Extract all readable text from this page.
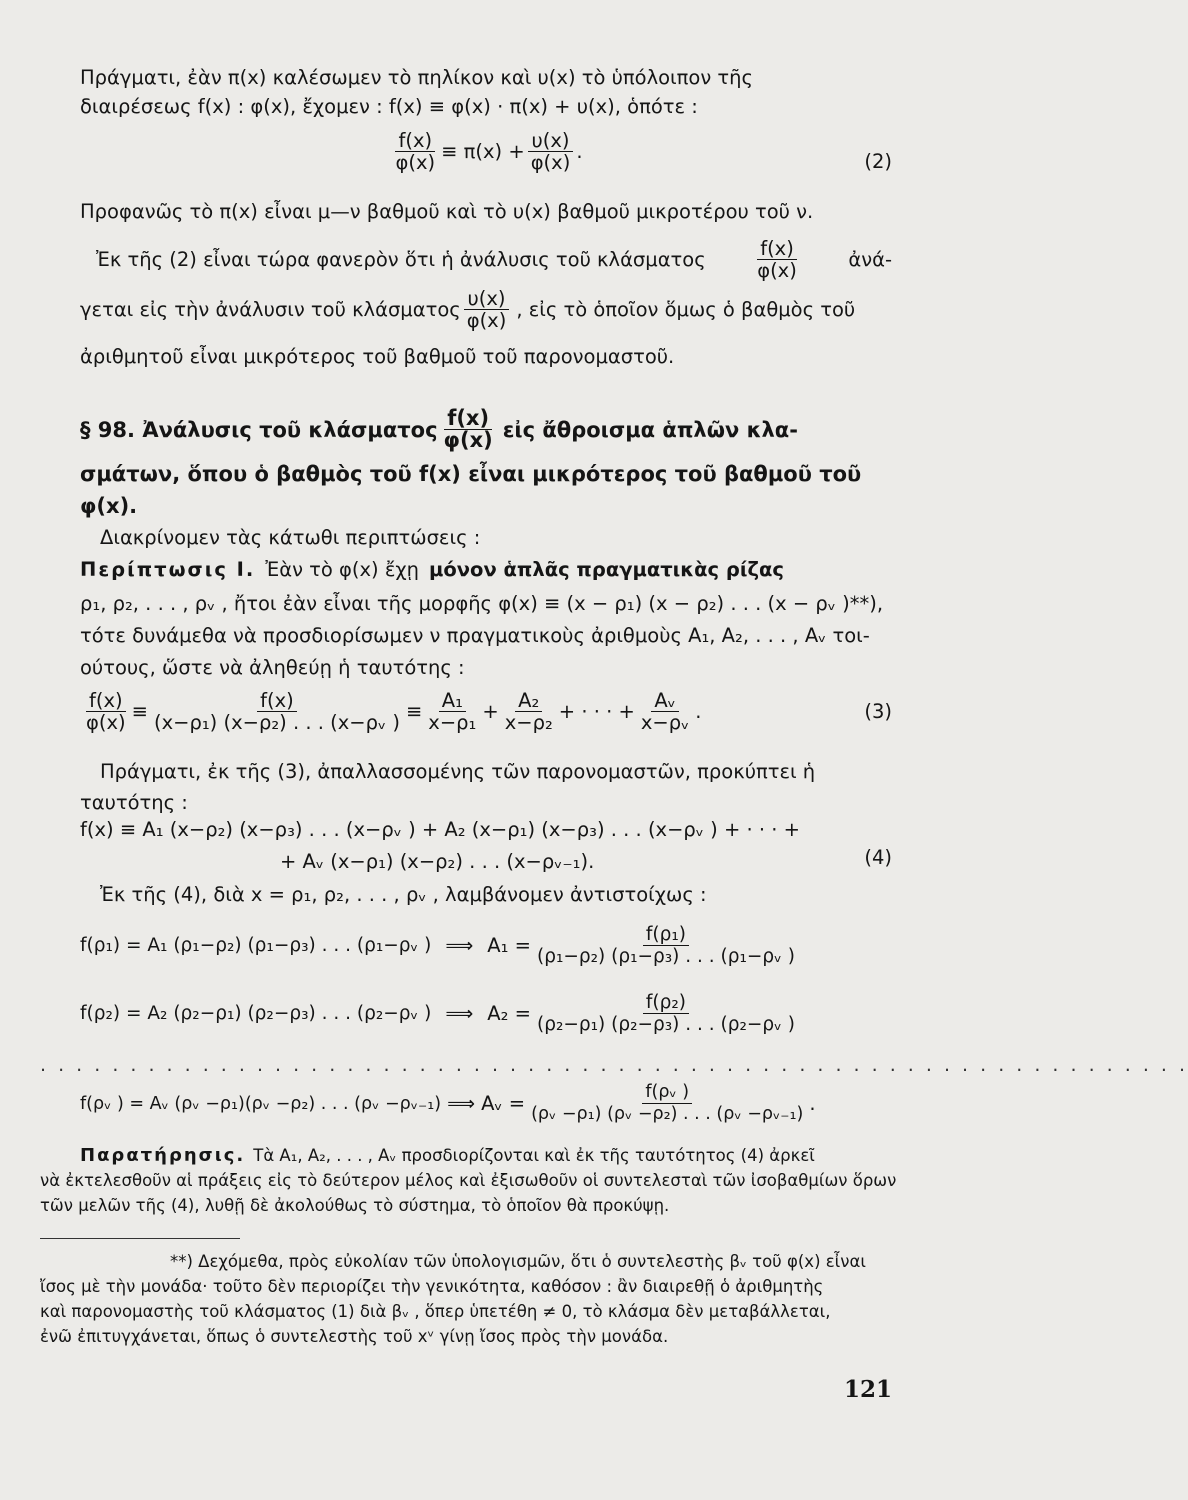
Πράγματι, ἐὰν π(x) καλέσωμεν τὸ πηλίκον καὶ υ(x) τὸ ὑπόλοιπον τῆς
διαιρέσεως f(x) : φ(x), ἔχομεν : f(x) ≡ φ(x) · π(x) + υ(x), ὁπότε :
$\frac{f(x)}{\varphi(x)} \equiv \pi(x) + \frac{\upsilon(x)}{\varphi(x)}$ .	(2)
Προφανῶς τὸ π(x) εἶναι μ—ν βαθμοῦ καὶ τὸ υ(x) βαθμοῦ μικροτέρου τοῦ ν.
Ἐκ τῆς (2) εἶναι τώρα φανερὸν ὅτι ἡ ἀνάλυσις τοῦ κλάσματος $\frac{f(x)}{\varphi(x)}$ ἀνά-
γεται εἰς τὴν ἀνάλυσιν τοῦ κλάσματος $\frac{\upsilon(x)}{\varphi(x)}$ , εἰς τὸ ὁποῖον ὅμως ὁ βαθμὸς τοῦ
ἀριθμητοῦ εἶναι μικρότερος τοῦ βαθμοῦ τοῦ παρονομαστοῦ.
§ 98. Ἀνάλυσις τοῦ κλάσματος $\frac{f(x)}{\varphi(x)}$ εἰς ἄθροισμα ἁπλῶν κλα-
σμάτων, ὅπου ὁ βαθμὸς τοῦ f(x) εἶναι μικρότερος τοῦ βαθμοῦ τοῦ
φ(x).
Διακρίνομεν τὰς κάτωθι περιπτώσεις :
Περίπτωσις Ι. Ἐὰν τὸ φ(x) ἔχῃ μόνον ἁπλᾶς πραγματικὰς ρίζας
ρ₁, ρ₂, . . . , ρᵥ , ἤτοι ἐὰν εἶναι τῆς μορφῆς φ(x) ≡ (x − ρ₁) (x − ρ₂) . . . (x − ρᵥ )**),
τότε δυνάμεθα νὰ προσδιορίσωμεν ν πραγματικοὺς ἀριθμοὺς A₁, A₂, . . . , Aᵥ τοι-
ούτους, ὥστε νὰ ἀληθεύῃ ἡ ταυτότης :
$\frac{f(x)}{\varphi(x)} \equiv \frac{f(x)}{\text{(x−ρ₁) (x−ρ₂) . . . (x−ρᵥ )}} \equiv \frac{\text{A₁}}{\text{x−ρ₁}} + \frac{\text{A₂}}{\text{x−ρ₂}}$ + · · · + $\frac{\text{Aᵥ}}{\text{x−ρᵥ}}$ .	(3)
Πράγματι, ἐκ τῆς (3), ἀπαλλασσομένης τῶν παρονομαστῶν, προκύπτει ἡ
ταυτότης :
f(x) ≡ A₁ (x−ρ₂) (x−ρ₃) . . . (x−ρᵥ ) + A₂ (x−ρ₁) (x−ρ₃) . . . (x−ρᵥ ) + · · · +
+ Aᵥ (x−ρ₁) (x−ρ₂) . . . (x−ρᵥ₋₁).	(4)
Ἐκ τῆς (4), διὰ x = ρ₁, ρ₂, . . . , ρᵥ , λαμβάνομεν ἀντιστοίχως :
f(ρ₁) = A₁ (ρ₁−ρ₂) (ρ₁−ρ₃) . . . (ρ₁−ρᵥ ) ⟹ $A_1 = \frac{\text{f(ρ₁)}}{\text{(ρ₁−ρ₂) (ρ₁−ρ₃) . . . (ρ₁−ρᵥ )}}$
f(ρ₂) = A₂ (ρ₂−ρ₁) (ρ₂−ρ₃) . . . (ρ₂−ρᵥ ) ⟹ $A_2 = \frac{\text{f(ρ₂)}}{\text{(ρ₂−ρ₁) (ρ₂−ρ₃) . . . (ρ₂−ρᵥ )}}$
. . . . . . . . . . . . . . . . . . . . . . . . . . . . . . . . . . . . . . . . . . . . . . . . . . . . . . . . . . . . . . . .
f(ρᵥ ) = Aᵥ (ρᵥ −ρ₁)(ρᵥ −ρ₂) . . . (ρᵥ −ρᵥ₋₁) ⟹ Aᵥ = $\frac{\text{f(ρᵥ )}}{\text{(ρᵥ −ρ₁) (ρᵥ −ρ₂) . . . (ρᵥ −ρᵥ₋₁)}}$ .
Παρατήρησις. Τὰ A₁, A₂, . . . , Aᵥ προσδιορίζονται καὶ ἐκ τῆς ταυτότητος (4) ἀρκεῖ
νὰ ἐκτελεσθοῦν αἱ πράξεις εἰς τὸ δεύτερον μέλος καὶ ἐξισωθοῦν οἱ συντελεσταὶ τῶν ἰσοβαθμίων ὅρων
τῶν μελῶν τῆς (4), λυθῇ δὲ ἀκολούθως τὸ σύστημα, τὸ ὁποῖον θὰ προκύψῃ.
**) Δεχόμεθα, πρὸς εὐκολίαν τῶν ὑπολογισμῶν, ὅτι ὁ συντελεστὴς βᵥ τοῦ φ(x) εἶναι
ἴσος μὲ τὴν μονάδα· τοῦτο δὲν περιορίζει τὴν γενικότητα, καθόσον : ἂν διαιρεθῇ ὁ ἀριθμητὴς
καὶ παρονομαστὴς τοῦ κλάσματος (1) διὰ βᵥ , ὅπερ ὑπετέθη ≠ 0, τὸ κλάσμα δὲν μεταβάλλεται,
ἐνῶ ἐπιτυγχάνεται, ὅπως ὁ συντελεστὴς τοῦ xᵛ γίνῃ ἴσος πρὸς τὴν μονάδα.
121
